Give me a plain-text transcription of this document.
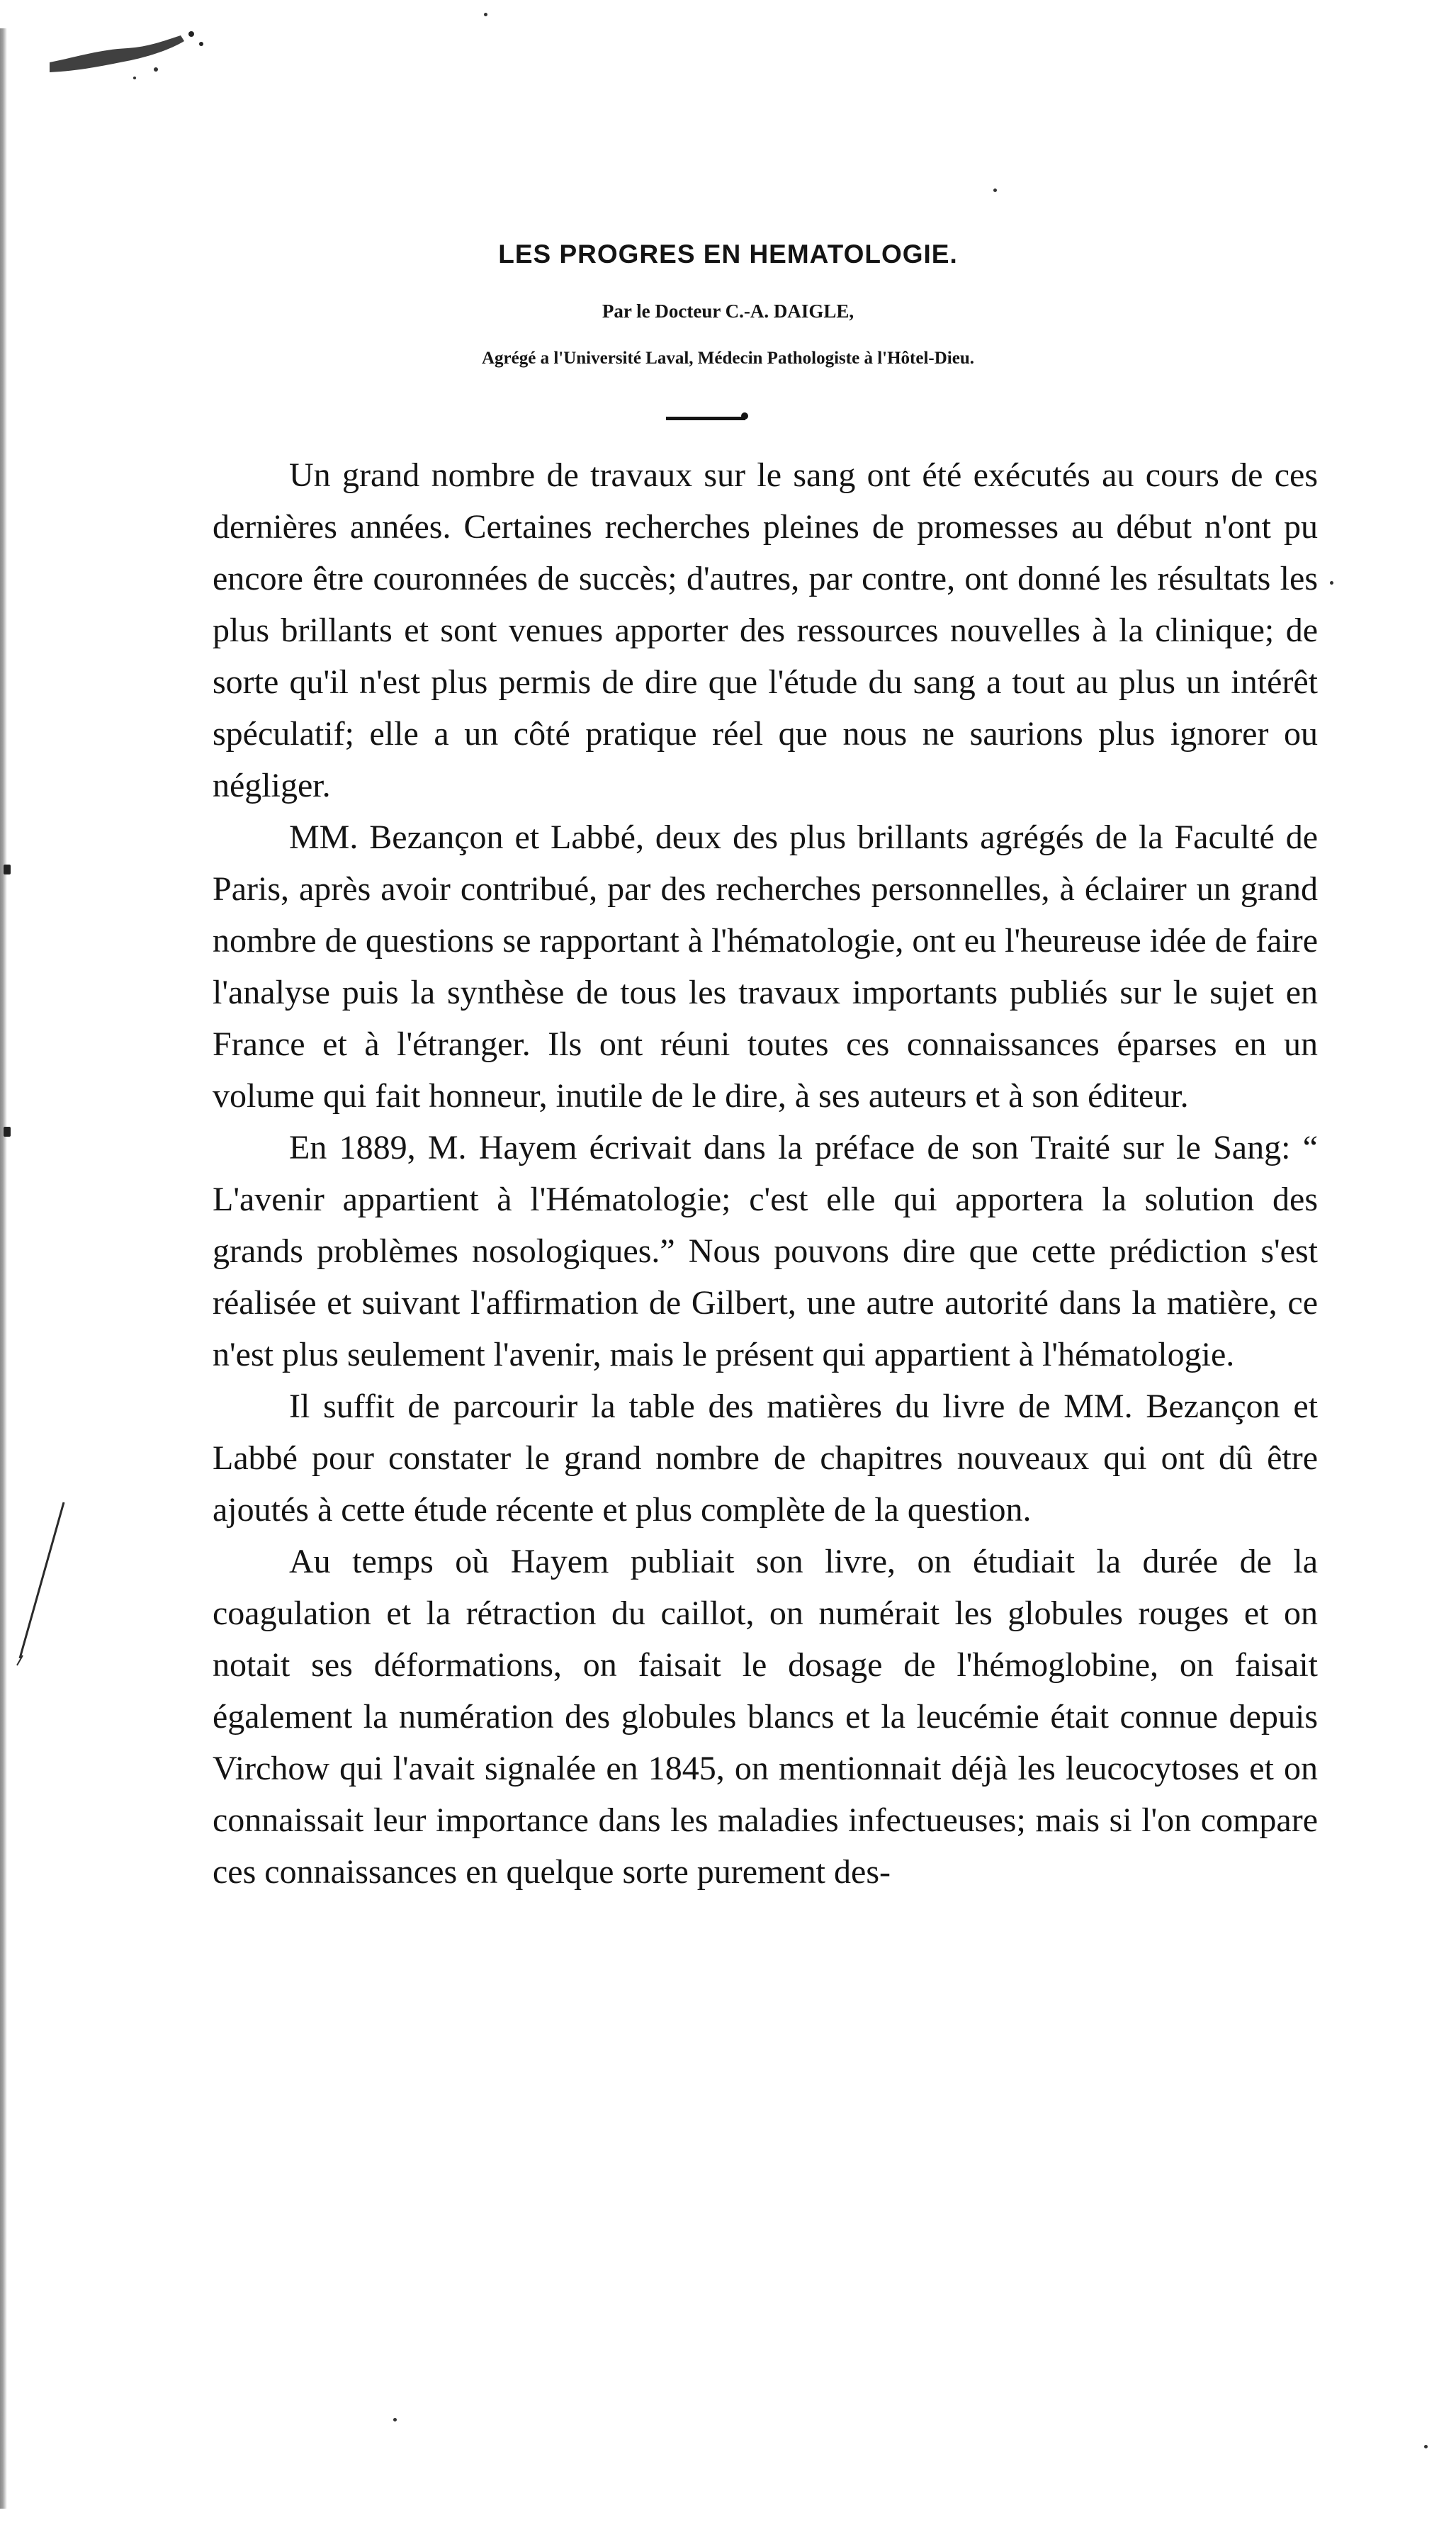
LES PROGRES EN HEMATOLOGIE.
Par le Docteur C.-A. DAIGLE,
Agrégé a l'Université Laval, Médecin Pathologiste à l'Hôtel-Dieu.

Un grand nombre de travaux sur le sang ont été exécutés au cours de ces dernières années. Certaines recherches pleines de promesses au début n'ont pu encore être couronnées de succès; d'autres, par contre, ont donné les résultats les plus brillants et sont venues apporter des ressources nouvelles à la clinique; de sorte qu'il n'est plus permis de dire que l'étude du sang a tout au plus un intérêt spéculatif; elle a un côté pratique réel que nous ne saurions plus ignorer ou négliger.

MM. Bezançon et Labbé, deux des plus brillants agrégés de la Faculté de Paris, après avoir contribué, par des recherches personnelles, à éclairer un grand nombre de questions se rapportant à l'hématologie, ont eu l'heureuse idée de faire l'analyse puis la synthèse de tous les travaux importants publiés sur le sujet en France et à l'étranger. Ils ont réuni toutes ces connaissances éparses en un volume qui fait honneur, inutile de le dire, à ses auteurs et à son éditeur.

En 1889, M. Hayem écrivait dans la préface de son Traité sur le Sang: “ L'avenir appartient à l'Hématologie; c'est elle qui apportera la solution des grands problèmes nosologiques.” Nous pouvons dire que cette prédiction s'est réalisée et suivant l'affirmation de Gilbert, une autre autorité dans la matière, ce n'est plus seulement l'avenir, mais le présent qui appartient à l'hématologie.

Il suffit de parcourir la table des matières du livre de MM. Bezançon et Labbé pour constater le grand nombre de chapitres nouveaux qui ont dû être ajoutés à cette étude récente et plus complète de la question.

Au temps où Hayem publiait son livre, on étudiait la durée de la coagulation et la rétraction du caillot, on numérait les globules rouges et on notait ses déformations, on faisait le dosage de l'hémoglobine, on faisait également la numération des globules blancs et la leucémie était connue depuis Virchow qui l'avait signalée en 1845, on mentionnait déjà les leucocytoses et on connaissait leur importance dans les maladies infectueuses; mais si l'on compare ces connaissances en quelque sorte purement des-
